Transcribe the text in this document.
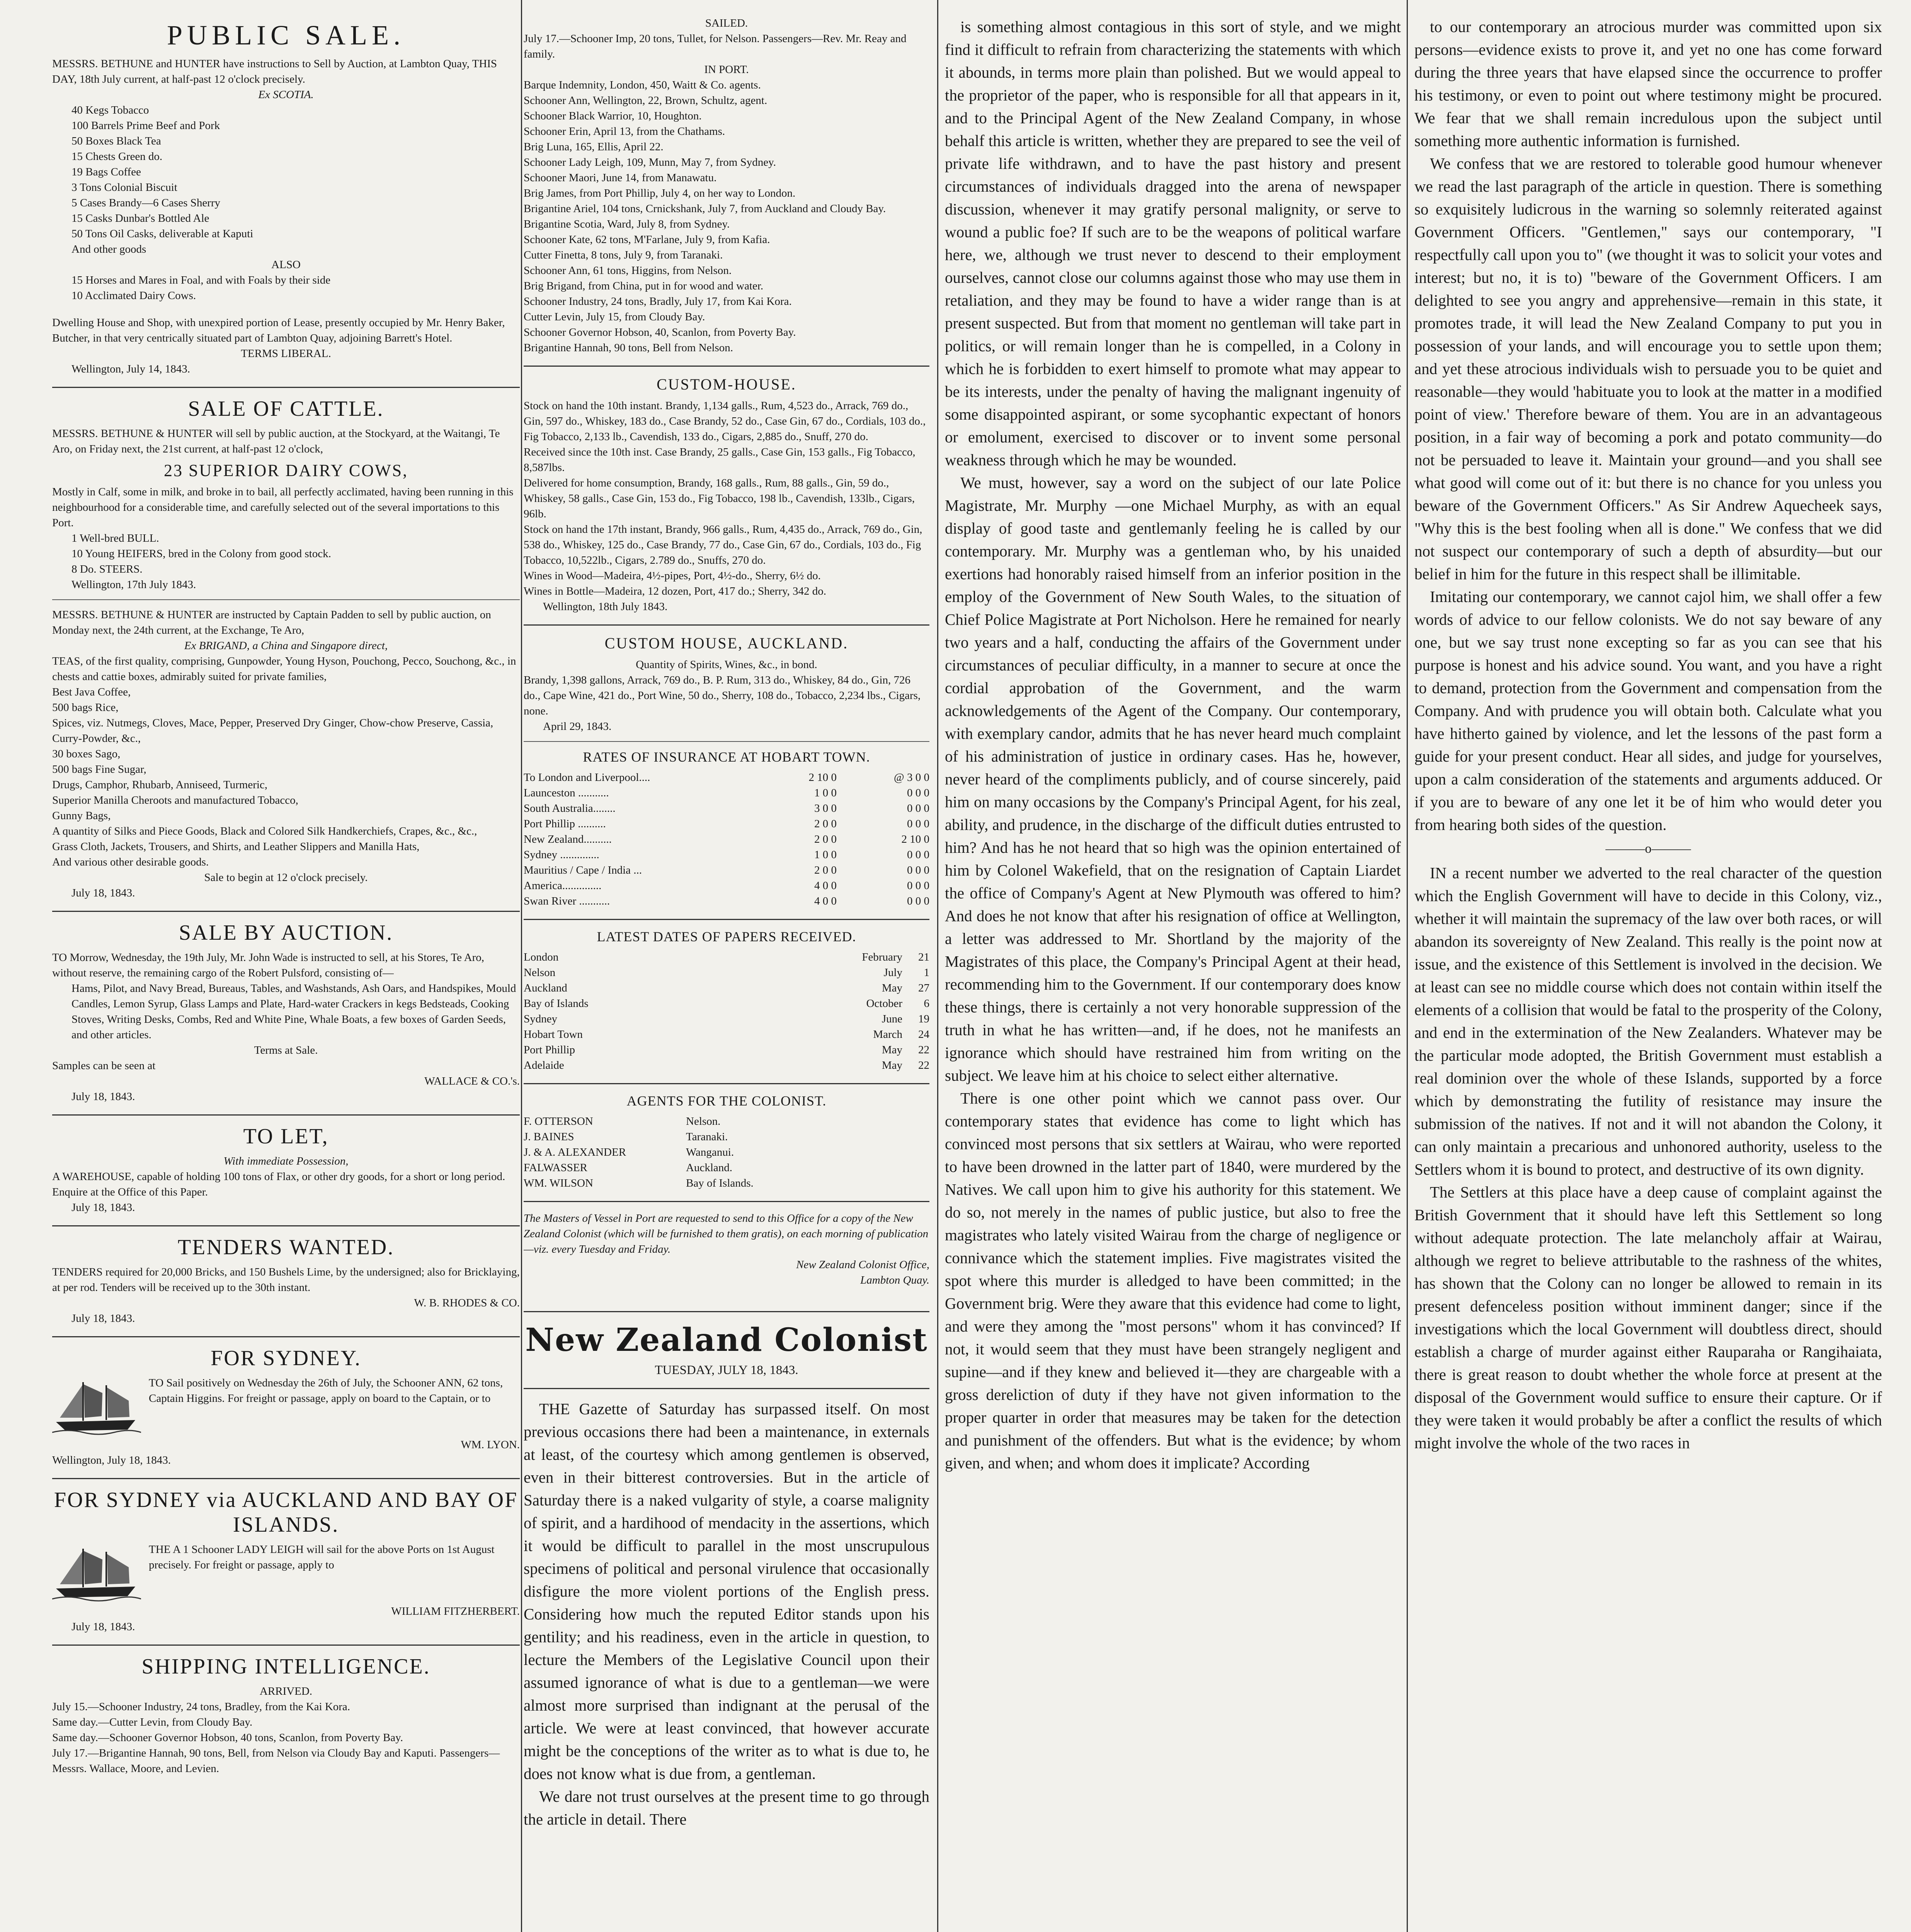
PUBLIC SALE.

MESSRS. BETHUNE and HUNTER have instructions to Sell by Auction, at Lambton Quay, THIS DAY, 18th July current, at half-past 12 o'clock precisely.

Ex SCOTIA.

40 Kegs Tobacco

100 Barrels Prime Beef and Pork

50 Boxes Black Tea

15 Chests Green do.

19 Bags Coffee

3 Tons Colonial Biscuit

5 Cases Brandy—6 Cases Sherry

15 Casks Dunbar's Bottled Ale

50 Tons Oil Casks, deliverable at Kaputi

And other goods

ALSO

15 Horses and Mares in Foal, and with Foals by their side

10 Acclimated Dairy Cows.

Dwelling House and Shop, with unexpired portion of Lease, presently occupied by Mr. Henry Baker, Butcher, in that very centrically situated part of Lambton Quay, adjoining Barrett's Hotel.

TERMS LIBERAL.

Wellington, July 14, 1843.

SALE OF CATTLE.

MESSRS. BETHUNE & HUNTER will sell by public auction, at the Stockyard, at the Waitangi, Te Aro, on Friday next, the 21st current, at half-past 12 o'clock,

23 SUPERIOR DAIRY COWS,

Mostly in Calf, some in milk, and broke in to bail, all perfectly acclimated, having been running in this neighbourhood for a considerable time, and carefully selected out of the several importations to this Port.

1 Well-bred BULL.

10 Young HEIFERS, bred in the Colony from good stock.

8 Do. STEERS.

Wellington, 17th July 1843.

MESSRS. BETHUNE & HUNTER are instructed by Captain Padden to sell by public auction, on Monday next, the 24th current, at the Exchange, Te Aro,

Ex BRIGAND, a China and Singapore direct,

TEAS, of the first quality, comprising, Gunpowder, Young Hyson, Pouchong, Pecco, Souchong, &c., in chests and cattie boxes, admirably suited for private families,

Best Java Coffee,

500 bags Rice,

Spices, viz. Nutmegs, Cloves, Mace, Pepper, Preserved Dry Ginger, Chow-chow Preserve, Cassia, Curry-Powder, &c.,

30 boxes Sago,

500 bags Fine Sugar,

Drugs, Camphor, Rhubarb, Anniseed, Turmeric,

Superior Manilla Cheroots and manufactured Tobacco,

Gunny Bags,

A quantity of Silks and Piece Goods, Black and Colored Silk Handkerchiefs, Crapes, &c., &c.,

Grass Cloth, Jackets, Trousers, and Shirts, and Leather Slippers and Manilla Hats,

And various other desirable goods.

Sale to begin at 12 o'clock precisely.

July 18, 1843.

SALE BY AUCTION.

TO Morrow, Wednesday, the 19th July, Mr. John Wade is instructed to sell, at his Stores, Te Aro, without reserve, the remaining cargo of the Robert Pulsford, consisting of—

Hams, Pilot, and Navy Bread, Bureaus, Tables, and Washstands, Ash Oars, and Handspikes, Mould Candles, Lemon Syrup, Glass Lamps and Plate, Hard-water Crackers in kegs Bedsteads, Cooking Stoves, Writing Desks, Combs, Red and White Pine, Whale Boats, a few boxes of Garden Seeds, and other articles.

Terms at Sale.

Samples can be seen at

WALLACE & CO.'s.

July 18, 1843.

TO LET,

With immediate Possession,

A WAREHOUSE, capable of holding 100 tons of Flax, or other dry goods, for a short or long period.

Enquire at the Office of this Paper.

July 18, 1843.

TENDERS WANTED.

TENDERS required for 20,000 Bricks, and 150 Bushels Lime, by the undersigned; also for Bricklaying, at per rod. Tenders will be received up to the 30th instant.

W. B. RHODES & CO.

July 18, 1843.

FOR SYDNEY.

TO Sail positively on Wednesday the 26th of July, the Schooner ANN, 62 tons, Captain Higgins. For freight or passage, apply on board to the Captain, or to

WM. LYON.

Wellington, July 18, 1843.

FOR SYDNEY via AUCKLAND AND BAY OF ISLANDS.

THE A 1 Schooner LADY LEIGH will sail for the above Ports on 1st August precisely. For freight or passage, apply to

WILLIAM FITZHERBERT.

July 18, 1843.

SHIPPING INTELLIGENCE.

ARRIVED.

July 15.—Schooner Industry, 24 tons, Bradley, from the Kai Kora.

Same day.—Cutter Levin, from Cloudy Bay.

Same day.—Schooner Governor Hobson, 40 tons, Scanlon, from Poverty Bay.

July 17.—Brigantine Hannah, 90 tons, Bell, from Nelson via Cloudy Bay and Kaputi. Passengers—Messrs. Wallace, Moore, and Levien.

SAILED.

July 17.—Schooner Imp, 20 tons, Tullet, for Nelson. Passengers—Rev. Mr. Reay and family.

IN PORT.

Barque Indemnity, London, 450, Waitt & Co. agents.

Schooner Ann, Wellington, 22, Brown, Schultz, agent.

Schooner Black Warrior, 10, Houghton.

Schooner Erin, April 13, from the Chathams.

Brig Luna, 165, Ellis, April 22.

Schooner Lady Leigh, 109, Munn, May 7, from Sydney.

Schooner Maori, June 14, from Manawatu.

Brig James, from Port Phillip, July 4, on her way to London.

Brigantine Ariel, 104 tons, Crnickshank, July 7, from Auckland and Cloudy Bay.

Brigantine Scotia, Ward, July 8, from Sydney.

Schooner Kate, 62 tons, M'Farlane, July 9, from Kafia.

Cutter Finetta, 8 tons, July 9, from Taranaki.

Schooner Ann, 61 tons, Higgins, from Nelson.

Brig Brigand, from China, put in for wood and water.

Schooner Industry, 24 tons, Bradly, July 17, from Kai Kora.

Cutter Levin, July 15, from Cloudy Bay.

Schooner Governor Hobson, 40, Scanlon, from Poverty Bay.

Brigantine Hannah, 90 tons, Bell from Nelson.

CUSTOM-HOUSE.

Stock on hand the 10th instant. Brandy, 1,134 galls., Rum, 4,523 do., Arrack, 769 do., Gin, 597 do., Whiskey, 183 do., Case Brandy, 52 do., Case Gin, 67 do., Cordials, 103 do., Fig Tobacco, 2,133 lb., Cavendish, 133 do., Cigars, 2,885 do., Snuff, 270 do.

Received since the 10th inst. Case Brandy, 25 galls., Case Gin, 153 galls., Fig Tobacco, 8,587lbs.

Delivered for home consumption, Brandy, 168 galls., Rum, 88 galls., Gin, 59 do., Whiskey, 58 galls., Case Gin, 153 do., Fig Tobacco, 198 lb., Cavendish, 133lb., Cigars, 96lb.

Stock on hand the 17th instant, Brandy, 966 galls., Rum, 4,435 do., Arrack, 769 do., Gin, 538 do., Whiskey, 125 do., Case Brandy, 77 do., Case Gin, 67 do., Cordials, 103 do., Fig Tobacco, 10,522lb., Cigars, 2.789 do., Snuffs, 270 do.

Wines in Wood—Madeira, 4½-pipes, Port, 4½-do., Sherry, 6½ do.

Wines in Bottle—Madeira, 12 dozen, Port, 417 do.; Sherry, 342 do.

Wellington, 18th July 1843.

CUSTOM HOUSE, AUCKLAND.

Quantity of Spirits, Wines, &c., in bond.

Brandy, 1,398 gallons, Arrack, 769 do., B. P. Rum, 313 do., Whiskey, 84 do., Gin, 726 do., Cape Wine, 421 do., Port Wine, 50 do., Sherry, 108 do., Tobacco, 2,234 lbs., Cigars, none.

April 29, 1843.

RATES OF INSURANCE AT HOBART TOWN.
To London and Liverpool....	2 10 0	@ 3 0 0
Launceston ...........	1 0 0	0 0 0
South Australia........	3 0 0	0 0 0
Port Phillip ..........	2 0 0	0 0 0
New Zealand..........	2 0 0	2 10 0
Sydney ..............	1 0 0	0 0 0
Mauritius / Cape / India ...	2 0 0	0 0 0
America..............	4 0 0	0 0 0
Swan River ...........	4 0 0	0 0 0
LATEST DATES OF PAPERS RECEIVED.
London	February	21
Nelson	July	1
Auckland	May	27
Bay of Islands	October	6
Sydney	June	19
Hobart Town	March	24
Port Phillip	May	22
Adelaide	May	22
AGENTS FOR THE COLONIST.
F. OTTERSON	Nelson.
J. BAINES	Taranaki.
J. & A. ALEXANDER	Wanganui.
FALWASSER	Auckland.
WM. WILSON	Bay of Islands.

The Masters of Vessel in Port are requested to send to this Office for a copy of the New Zealand Colonist (which will be furnished to them gratis), on each morning of publication—viz. every Tuesday and Friday.

New Zealand Colonist Office,

Lambton Quay.

New Zealand Colonist

TUESDAY, JULY 18, 1843.

THE Gazette of Saturday has surpassed itself. On most previous occasions there had been a maintenance, in externals at least, of the courtesy which among gentlemen is observed, even in their bitterest controversies. But in the article of Saturday there is a naked vulgarity of style, a coarse malignity of spirit, and a hardihood of mendacity in the assertions, which it would be difficult to parallel in the most unscrupulous specimens of political and personal virulence that occasionally disfigure the more violent portions of the English press. Considering how much the reputed Editor stands upon his gentility; and his readiness, even in the article in question, to lecture the Members of the Legislative Council upon their assumed ignorance of what is due to a gentleman—we were almost more surprised than indignant at the perusal of the article. We were at least convinced, that however accurate might be the conceptions of the writer as to what is due to, he does not know what is due from, a gentleman.

We dare not trust ourselves at the present time to go through the article in detail. There

is something almost contagious in this sort of style, and we might find it difficult to refrain from characterizing the statements with which it abounds, in terms more plain than polished. But we would appeal to the proprietor of the paper, who is responsible for all that appears in it, and to the Principal Agent of the New Zealand Company, in whose behalf this article is written, whether they are prepared to see the veil of private life withdrawn, and to have the past history and present circumstances of individuals dragged into the arena of newspaper discussion, whenever it may gratify personal malignity, or serve to wound a public foe? If such are to be the weapons of political warfare here, we, although we trust never to descend to their employment ourselves, cannot close our columns against those who may use them in retaliation, and they may be found to have a wider range than is at present suspected. But from that moment no gentleman will take part in politics, or will remain longer than he is compelled, in a Colony in which he is forbidden to exert himself to promote what may appear to be its interests, under the penalty of having the malignant ingenuity of some disappointed aspirant, or some sycophantic expectant of honors or emolument, exercised to discover or to invent some personal weakness through which he may be wounded.

We must, however, say a word on the subject of our late Police Magistrate, Mr. Murphy —one Michael Murphy, as with an equal display of good taste and gentlemanly feeling he is called by our contemporary. Mr. Murphy was a gentleman who, by his unaided exertions had honorably raised himself from an inferior position in the employ of the Government of New South Wales, to the situation of Chief Police Magistrate at Port Nicholson. Here he remained for nearly two years and a half, conducting the affairs of the Government under circumstances of peculiar difficulty, in a manner to secure at once the cordial approbation of the Government, and the warm acknowledgements of the Agent of the Company. Our contemporary, with exemplary candor, admits that he has never heard much complaint of his administration of justice in ordinary cases. Has he, however, never heard of the compliments publicly, and of course sincerely, paid him on many occasions by the Company's Principal Agent, for his zeal, ability, and prudence, in the discharge of the difficult duties entrusted to him? And has he not heard that so high was the opinion entertained of him by Colonel Wakefield, that on the resignation of Captain Liardet the office of Company's Agent at New Plymouth was offered to him? And does he not know that after his resignation of office at Wellington, a letter was addressed to Mr. Shortland by the majority of the Magistrates of this place, the Company's Principal Agent at their head, recommending him to the Government. If our contemporary does know these things, there is certainly a not very honorable suppression of the truth in what he has written—and, if he does, not he manifests an ignorance which should have restrained him from writing on the subject. We leave him at his choice to select either alternative.

There is one other point which we cannot pass over. Our contemporary states that evidence has come to light which has convinced most persons that six settlers at Wairau, who were reported to have been drowned in the latter part of 1840, were murdered by the Natives. We call upon him to give his authority for this statement. We do so, not merely in the names of public justice, but also to free the magistrates who lately visited Wairau from the charge of negligence or connivance which the statement implies. Five magistrates visited the spot where this murder is alledged to have been committed; in the Government brig. Were they aware that this evidence had come to light, and were they among the "most persons" whom it has convinced? If not, it would seem that they must have been strangely negligent and supine—and if they knew and believed it—they are chargeable with a gross dereliction of duty if they have not given information to the proper quarter in order that measures may be taken for the detection and punishment of the offenders. But what is the evidence; by whom given, and when; and whom does it implicate? According

to our contemporary an atrocious murder was committed upon six persons—evidence exists to prove it, and yet no one has come forward during the three years that have elapsed since the occurrence to proffer his testimony, or even to point out where testimony might be procured. We fear that we shall remain incredulous upon the subject until something more authentic information is furnished.

We confess that we are restored to tolerable good humour whenever we read the last paragraph of the article in question. There is something so exquisitely ludicrous in the warning so solemnly reiterated against Government Officers. "Gentlemen," says our contemporary, "I respectfully call upon you to" (we thought it was to solicit your votes and interest; but no, it is to) "beware of the Government Officers. I am delighted to see you angry and apprehensive—remain in this state, it promotes trade, it will lead the New Zealand Company to put you in possession of your lands, and will encourage you to settle upon them; and yet these atrocious individuals wish to persuade you to be quiet and reasonable—they would 'habituate you to look at the matter in a modified point of view.' Therefore beware of them. You are in an advantageous position, in a fair way of becoming a pork and potato community—do not be persuaded to leave it. Maintain your ground—and you shall see what good will come out of it: but there is no chance for you unless you beware of the Government Officers." As Sir Andrew Aquecheek says, "Why this is the best fooling when all is done." We confess that we did not suspect our contemporary of such a depth of absurdity—but our belief in him for the future in this respect shall be illimitable.

Imitating our contemporary, we cannot cajol him, we shall offer a few words of advice to our fellow colonists. We do not say beware of any one, but we say trust none excepting so far as you can see that his purpose is honest and his advice sound. You want, and you have a right to demand, protection from the Government and compensation from the Company. And with prudence you will obtain both. Calculate what you have hitherto gained by violence, and let the lessons of the past form a guide for your present conduct. Hear all sides, and judge for yourselves, upon a calm consideration of the statements and arguments adduced. Or if you are to beware of any one let it be of him who would deter you from hearing both sides of the question.

———o———

IN a recent number we adverted to the real character of the question which the English Government will have to decide in this Colony, viz., whether it will maintain the supremacy of the law over both races, or will abandon its sovereignty of New Zealand. This really is the point now at issue, and the existence of this Settlement is involved in the decision. We at least can see no middle course which does not contain within itself the elements of a collision that would be fatal to the prosperity of the Colony, and end in the extermination of the New Zealanders. Whatever may be the particular mode adopted, the British Government must establish a real dominion over the whole of these Islands, supported by a force which by demonstrating the futility of resistance may insure the submission of the natives. If not and it will not abandon the Colony, it can only maintain a precarious and unhonored authority, useless to the Settlers whom it is bound to protect, and destructive of its own dignity.

The Settlers at this place have a deep cause of complaint against the British Government that it should have left this Settlement so long without adequate protection. The late melancholy affair at Wairau, although we regret to believe attributable to the rashness of the whites, has shown that the Colony can no longer be allowed to remain in its present defenceless position without imminent danger; since if the investigations which the local Government will doubtless direct, should establish a charge of murder against either Rauparaha or Rangihaiata, there is great reason to doubt whether the whole force at present at the disposal of the Government would suffice to ensure their capture. Or if they were taken it would probably be after a conflict the results of which might involve the whole of the two races in
